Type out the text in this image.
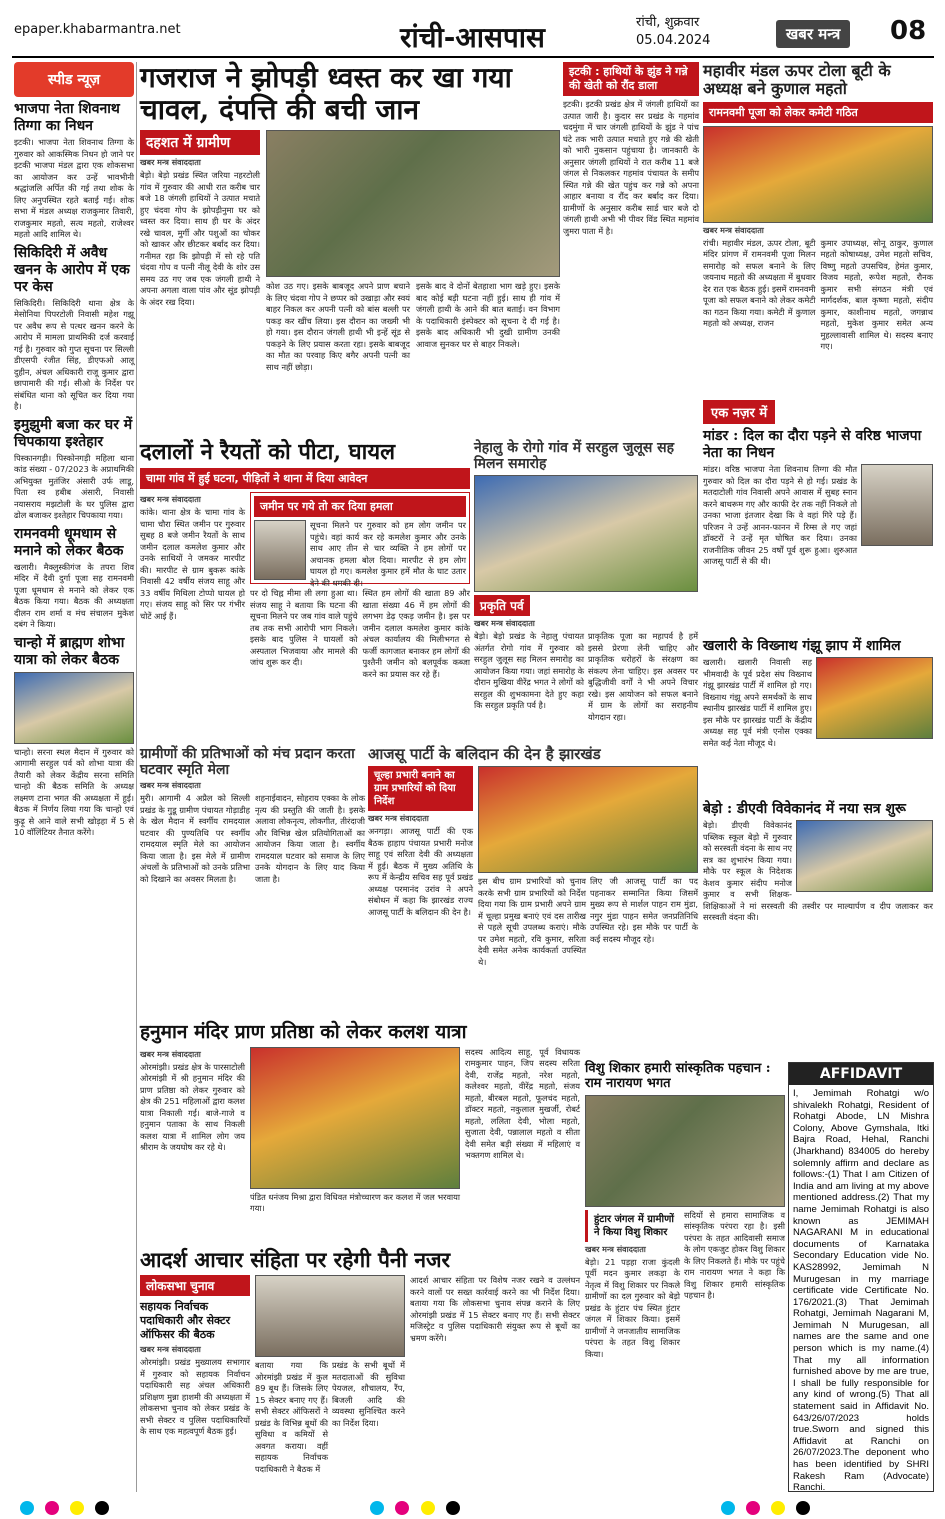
epaper.khabarmantra.net	रांची-आसपास	रांची, शुक्रवार
05.04.2024	खबर मन्त्र	08
स्पीड न्यूज़
भाजपा नेता शिवनाथ तिग्गा का निधन
इटकी। भाजपा नेता शिवनाथ तिग्गा के गुरुवार को आकस्मिक निधन हो जाने पर इटकी भाजपा मंडल द्वारा एक शोकसभा का आयोजन कर उन्हें भावभीनी श्रद्धांजलि अर्पित की गई तथा शोक के लिए अनुपस्थित रहते बताई गई। शोक सभा में मंडल अध्यक्ष राजकुमार तिवारी, राजकुमार महतो, सत्य महतो, राजेश्वर महतो आदि शामिल थे।
सिकिदिरी में अवैध खनन के आरोप में एक पर केस
सिकिदिरी। सिकिदिरी थाना क्षेत्र के मेसोनिया पिपरटोली निवासी महेश गझू पर अवैध रूप से पत्थर खनन करने के आरोप में मामला प्राथमिकी दर्ज करवाई गई है। गुरुवार को गुप्त सूचना पर सिल्ली डीएसपी रंजीत सिंह, डीएफओ आलू दुहीन, अंचल अधिकारी राजू कुमार द्वारा छापामारी की गई। सीओ के निर्देश पर संबंधित थाना को सूचित कर दिया गया है।
इमुझुमी बजा कर घर में चिपकाया इश्तेहार
पिस्कानगड़ी। पिस्कोनगड़ी महिला थाना कांड संख्या - 07/2023 के अप्राथमिकी अभियुक्त मुतंजिर अंसारी उर्फ लाडू, पिता स्व हबीब अंसारी, निवासी नयासराय मझटोली के घर पुलिस द्वारा ढोल बजाकर इश्तेहार चिपकाया गया।
रामनवमी धूमधाम से मनाने को लेकर बैठक
खलारी। मैक्लुस्कीगंज के तपरा शिव मंदिर में दैवी दुर्गा पूजा सह रामनवमी पूजा धूमधाम से मनाने को लेकर एक बैठक किया गया। बैठक की अध्यक्षता दीलन राम शर्मा व मंच संचालन मुकेश दबंग ने किया।
चान्हो में ब्राह्मण शोभा यात्रा को लेकर बैठक
चान्हो। सरना स्थल मैदान में गुरुवार को आगामी सरहुल पर्व को शोभा यात्रा की तैयारी को लेकर केंद्रीय सरना समिति चान्हो की बैठक समिति के अध्यक्ष लक्ष्मण टाना भगत की अध्यक्षता में हुई। बैठक में निर्णय लिया गया कि चान्हो एवं कुढ़ू से आने वाले सभी खोड़हा में 5 से 10 वॉलिंटियर तैनात करेंगे।
गजराज ने झोपड़ी ध्वस्त कर खा गया चावल, दंपत्ति की बची जान
दहशत में ग्रामीण
खबर मन्त्र संवाददाता
बेड़ो। बेड़ो प्रखंड स्थित जरिया नहरटोली गांव में गुरुवार की आधी रात करीब चार बजे 18 जंगली हाथियों ने उत्पात मचाते हुए चंदवा गोप के झोपड़ीनुमा घर को ध्वस्त कर दिया। साथ ही घर के अंदर रखे चावल, मुर्गी और पशुओं का चोकर को खाकर और छीटकर बर्बाद कर दिया। गनीमत रहा कि झोपड़ी में सो रहे पति चंदवा गोप व पत्नी नीलू देवी के शोर उस समय उठ गए जब एक जंगली हाथी ने अपना अगला वाला पांव और सूंड झोपड़ी के अंदर रख दिया।
कोश उठ गए। इसके बाबजूद अपने प्राण बचाने के लिए चंदवा गोप ने छप्पर को उखाड़ा और स्वयं बाहर निकल कर अपनी पत्नी को बांस बल्ली पर पकड़ कर खींच लिया। इस दौरान का जख्मी भी हो गया। इस दौरान जंगली हाथी भी इन्हें सूंड से पकड़ने के लिए प्रयास करता रहा। इसके बाबजूद का मौत का परवाह किए बगैर अपनी पत्नी का साथ नहीं छोड़ा।
इसके बाद वे दोनों बेतहाशा भाग खड़े हुए। इसके बाद कोई बड़ी घटना नहीं हुई। साथ ही गांव में जंगली हाथी के आने की बात बताई। वन विभाग के पदाधिकारी इंस्पेक्टर को सूचना दे दी गई है। इसके बाद अधिकारी भी दुखी ग्रामीण उनकी आवाज सुनकर घर से बाहर निकले।
इटकी : हाथियों के झुंड ने गन्ने की खेती को रौंद डाला
इटकी। इटकी प्रखंड क्षेत्र में जंगली हाथियों का उत्पात जारी है। कुदार सर प्रखंड के गहमांव चदमुंगा में चार जंगली हाथियों के झुंड ने पांच घंटे तक भारी उत्पात मचाते हुए गन्ने की खेती को भारी नुकसान पहुंचाया है। जानकारी के अनुसार जंगली हाथियों ने रात करीब 11 बजे जंगल से निकलकर गहमांव पंचायत के समीप स्थित गन्ने की खेत पहुंच कर गन्ने को अपना आहार बनाया व रौंद कर बर्बाद कर दिया। ग्रामीणों के अनुसार करीब सार्ड चार बजे दो जंगली हाथी अभी भी पीवर विंड स्थित महमांव जुमरा पाता में है।
महावीर मंडल ऊपर टोला बूटी के अध्यक्ष बने कुणाल महतो
रामनवमी पूजा को लेकर कमेटी गठित
खबर मन्त्र संवाददाता
रांची। महावीर मंडल, ऊपर टोला, बूटी मंदिर प्रांगण में रामनवमी पूजा मिलन समारोह को सफल बनाने के लिए जयनाथ महतो की अध्यक्षता में बुधवार देर रात एक बैठक हुई। इसमें रामनवमी पूजा को सफल बनाने को लेकर कमेटी का गठन किया गया। कमेटी में कुणाल महतो को अध्यक्ष, राजन
कुमार उपाध्यक्ष, सोनू ठाकुर, कुणाल महतो कोषाध्यक्ष, उमेश महतो सचिव, विष्णु महतो उपसचिव, हेमंत कुमार, विजय महतो, रूपेश महतो, रौनक कुमार सभी संगठन मंत्री एवं मार्गदर्शक, बाल कृष्णा महतो, संदीप कुमार, काशीनाथ महतो, जगन्नाथ महतो, मुकेश कुमार समेत अन्य मुहल्लावासी शामिल थे। सदस्य बनाए गए।
एक नज़र में
मांडर : दिल का दौरा पड़ने से वरिष्ठ भाजपा नेता का निधन
मांडर। वरिष्ठ भाजपा नेता शिवनाथ तिग्गा की मौत गुरुवार को दिल का दौरा पड़ने से हो गई। प्रखंड के मतदाटोली गांव निवासी अपने आवास में सुबह स्नान करने बाथरूम गए और काफी देर तक नहीं निकले तो उनका भाजा इंतजार देखा कि वे वहां गिरे पड़े हैं। परिजन ने उन्हें आनन-फानन में रिम्स ले गए जहां डॉक्टरों ने उन्हें मृत घोषित कर दिया। उनका राजनीतिक जीवन 25 वर्षों पूर्व शुरू हुआ। शुरुआत आजसू पार्टी से की थी।
खलारी के विख्नाथ गंझू झाप में शामिल
खलारी। खलारी निवासी सह भीमवादी के पूर्व प्रदेश संघ विख्नाथ गंझू झारखंड पार्टी में शामिल हो गए। विख्नाथ गंझू अपने समर्थकों के साथ स्थानीय झारखंड पार्टी में शामिल हुए। इस मौके पर झारखंड पार्टी के केंद्रीय अध्यक्ष सह पूर्व मंत्री एनोस एक्का समेत कई नेता मौजूद थे।
बेड़ो : डीएवी विवेकानंद में नया सत्र शुरू
बेड़ो। डीएवी विवेकानंद पब्लिक स्कूल बेड़ो में गुरुवार को सरस्वती वंदना के साथ नए सत्र का शुभारंभ किया गया। मौके पर स्कूल के निदेशक केशव कुमार संदीप मनोज कुमार व सभी शिक्षक-शिक्षिकाओं ने मां सरस्वती की तस्वीर पर माल्यार्पण व दीप जलाकर कर सरस्वती वंदना की।
दलालों ने रैयतों को पीटा, घायल
चामा गांव में हुई घटना, पीड़ितों ने थाना में दिया आवेदन
खबर मन्त्र संवाददाता
कांके। थाना क्षेत्र के चामा गांव के चामा चौरा स्थित जमीन पर गुरुवार सुबह 8 बजे जमीन रैयतों के साथ जमीन दलाल कमलेश कुमार और उनके साथियों ने जमकर मारपीट की। मारपीट से ग्राम बुकरू कांके निवासी 42 वर्षीय संजय साहू और 33 वर्षीय मिथिला टोप्पो घायल हो गए। संजय साहू को सिर पर गंभीर चोटें आई हैं।
जमीन पर गये तो कर दिया हमला
सूचना मिलने पर गुरुवार को हम लोग जमीन पर पहुंचे। वहां कार्य कर रहे कमलेश कुमार और उनके साथ आए तीन से चार व्यक्ति ने हम लोगों पर अचानक हमला बोल दिया। मारपीट से हम लोग घायल हो गए। कमलेश कुमार हमें मौत के घाट उतार देने की धमकी दी।
पर दो चिह्न मीमा ली लगा हुआ था। संजय साहू ने बताया कि घटना की सूचना मिलने पर जब गांव वाले पहुंचे तब तक सभी आरोपी भाग निकले। इसके बाद पुलिस ने घायलों को अस्पताल भिजवाया और मामले की जांच शुरू कर दी।
स्थित हम लोगों की खाता 89 और खाता संख्या 46 में हम लोगों की लगभग डेढ़ एकड़ जमीन है। इस पर जमीन दलाल कमलेश कुमार कांके अंचल कार्यालय की मिलीभगत से फर्जी कागजात बनाकर हम लोगों की पुश्तैनी जमीन को बलपूर्वक कब्जा करने का प्रयास कर रहे हैं।
नेहालु के रोगो गांव में सरहुल जुलूस सह मिलन समारोह
प्रकृति पर्व
खबर मन्त्र संवाददाता
बेड़ो। बेड़ो प्रखंड के नेहालु पंचायत अंतर्गत रोगो गांव में गुरुवार को सरहुल जुलूस सह मिलन समारोह का आयोजन किया गया। जहां समारोह के दौरान मुखिया वीरेंद्र भगत ने लोगों को सरहुल की शुभकामना देते हुए कहा कि सरहुल प्रकृति पर्व है।
प्राकृतिक पूजा का महापर्व है हमें इससे प्रेरणा लेनी चाहिए और प्राकृतिक धरोहरों के संरक्षण का संकल्प लेना चाहिए। इस अवसर पर बुद्धिजीवी वर्गों ने भी अपने विचार रखे। इस आयोजन को सफल बनाने में ग्राम के लोगों का सराहनीय योगदान रहा।
ग्रामीणों की प्रतिभाओं को मंच प्रदान करता घटवार स्मृति मेला
खबर मन्त्र संवाददाता
मुरी। आगामी 4 अप्रैल को सिल्ली प्रखंड के गुडू ग्रामीण पंचायत गोड़ाडीह के खेल मैदान में स्वर्गीय रामदयाल घटवार की पुण्यतिथि पर स्वर्गीय रामदयाल स्मृति मेले का आयोजन किया जाता है। इस मेले में ग्रामीण अंचलों के प्रतिभाओं को उनके प्रतिभा को दिखाने का अवसर मिलता है।
शहनाईवादन, सोहराय एक्का के लोक नृत्य की प्रस्तुति की जाती है। इसके अलावा लोकनृत्य, लोकगीत, तीरंदाजी और विभिन्न खेल प्रतियोगिताओं का आयोजन किया जाता है। स्वर्गीय रामदयाल घटवार को समाज के लिए उनके योगदान के लिए याद किया जाता है।
आजसू पार्टी के बलिदान की देन है झारखंड
चूल्हा प्रभारी बनाने का ग्राम प्रभारियों को दिया निर्देश
खबर मन्त्र संवाददाता
अनगड़ा। आजसू पार्टी की एक बैठक हाहाप पंचायत प्रभारी मनोज साहू एवं सरिता देवी की अध्यक्षता में हुई। बैठक में मुख्य अतिथि के रूप में केन्द्रीय सचिव सह पूर्व प्रखंड अध्यक्ष परमानंद उरांव ने अपने संबोधन में कहा कि झारखंड राज्य आजसू पार्टी के बलिदान की देन है।
इस बीच ग्राम प्रभारियों को चुनाव करके सभी ग्राम प्रभारियों को निर्देश दिया गया कि ग्राम प्रभारी अपने ग्राम में चूल्हा प्रमुख बनाएं एवं दस तारीख से पहले सूची उपलब्ध कराएं। मौके पर उमेश महतो, रवि कुमार, सरिता देवी समेत अनेक कार्यकर्ता उपस्थित थे।
लिए जी आजसू पार्टी का पद पहनाकर सम्मानित किया जिसमें मुख्य रूप से मार्शल पाहन राम मुंडा, नगुर मुंडा पाहन समेत जनप्रतिनिधि उपस्थित रहे। इस मौके पर पार्टी के कई सदस्य मौजूद रहे।
हनुमान मंदिर प्राण प्रतिष्ठा को लेकर कलश यात्रा
खबर मन्त्र संवाददाता
ओरमांझी। प्रखंड क्षेत्र के पारसाटोली ओरमांझी में श्री हनुमान मंदिर की प्राण प्रतिष्ठा को लेकर गुरुवार को क्षेत्र की 251 महिलाओं द्वारा कलश यात्रा निकाली गई। बाजे-गाजे व हनुमान पताका के साथ निकली कलश यात्रा में शामिल लोग जय श्रीराम के जयघोष कर रहे थे।
पंडित धनंजय मिश्रा द्वारा विधिवत मंत्रोच्चारण कर कलश में जल भरवाया गया।
सदस्य आदित्य साहू, पूर्व विधायक रामकुमार पाहन, जिप सदस्य सरिता देवी, राजेंद्र महतो, नरेश महतो, कलेश्वर महतो, वीरेंद्र महतो, संजय महतो, बीरबल महतो, फूलचंद महतो, डॉक्टर महतो, नकुलाल मुखर्जी, रोबर्ट महतो, ललिता देवी, भोला महतो, सुजाता देवी, पन्नालाल महतो व सीता देवी समेत बड़ी संख्या में महिलाएं व भक्तगण शामिल थे।
विशु शिकार हमारी सांस्कृतिक पहचान : राम नारायण भगत
हुंटार जंगल में ग्रामीणों ने किया विशु शिकार
खबर मन्त्र संवाददाता
बेड़ो। 21 पड़हा राजा कुंदली पूर्वी मदन कुमार लकड़ा के नेतृत्व में विशु शिकार पर निकले ग्रामीणों का दल गुरुवार को बेड़ो प्रखंड के हुंटार पंच स्थित हुंटार जंगल में शिकार किया। इसमें ग्रामीणों ने जनजातीय सामाजिक परंपरा के तहत विशु शिकार किया।
सदियों से हमारा सामाजिक व सांस्कृतिक परंपरा रहा है। इसी परंपरा के तहत आदिवासी समाज के लोग एकजुट होकर विशु शिकार के लिए निकलते हैं। मौके पर पहुंचे राम नारायण भगत ने कहा कि विशु शिकार हमारी सांस्कृतिक पहचान है।
AFFIDAVIT
I, Jemimah Rohatgi w/o shivalekh Rohatgi, Resident of Rohatgi Abode, LN Mishra Colony, Above Gymshala, Itki Bajra Road, Hehal, Ranchi (Jharkhand) 834005 do hereby solemnly affirm and declare as follows:-(1) That I am Citizen of India and am living at my above mentioned address.(2) That my name Jemimah Rohatgi is also known as JEMIMAH NAGARANI M in educational documents of Karnataka Secondary Education vide No. KAS28992, Jemimah N Murugesan in my marriage certificate vide Certificate No. 176/2021.(3) That Jemimah Rohatgi, Jemimah Nagarani M, Jemimah N Murugesan, all names are the same and one person which is my name.(4) That my all information furnished above by me are true, I shall be fully responsible for any kind of wrong.(5) That all statement said in Affidavit No. 643/26/07/2023 holds true.Sworn and signed this Affidavit at Ranchi on 26/07/2023.The deponent who has been identified by SHRI Rakesh Ram (Advocate) Ranchi.
आदर्श आचार संहिता पर रहेगी पैनी नजर
लोकसभा चुनाव
सहायक निर्वाचक पदाधिकारी और सेक्टर ऑफिसर की बैठक
खबर मन्त्र संवाददाता
ओरमांझी। प्रखंड मुख्यालय सभागार में गुरुवार को सहायक निर्वाचन पदाधिकारी सह अंचल अधिकारी प्रशिक्षण मुन्ना हाशमी की अध्यक्षता में लोकसभा चुनाव को लेकर प्रखंड के सभी सेक्टर व पुलिस पदाधिकारियों के साथ एक महत्वपूर्ण बैठक हुई।
बताया गया कि ओरमांझी प्रखंड में कुल 89 बूथ हैं। जिसके लिए 15 सेक्टर बनाए गए हैं। सभी सेक्टर ऑफिसरों ने प्रखंड के विभिन्न बूथों की सुविधा व कमियों से अवगत कराया। वहीं सहायक निर्वाचक पदाधिकारी ने बैठक में
प्रखंड के सभी बूथों में मतदाताओं की सुविधा पेयजल, शौचालय, रैंप, बिजली आदि की व्यवस्था सुनिश्चित करने का निर्देश दिया।
आदर्श आचार संहिता पर विशेष नजर रखने व उल्लंघन करने वालों पर सख्त कार्रवाई करने का भी निर्देश दिया। बताया गया कि लोकसभा चुनाव संपन्न कराने के लिए ओरमांझी प्रखंड में 15 सेक्टर बनाए गए हैं। सभी सेक्टर मजिस्ट्रेट व पुलिस पदाधिकारी संयुक्त रूप से बूथों का भ्रमण करेंगे।
